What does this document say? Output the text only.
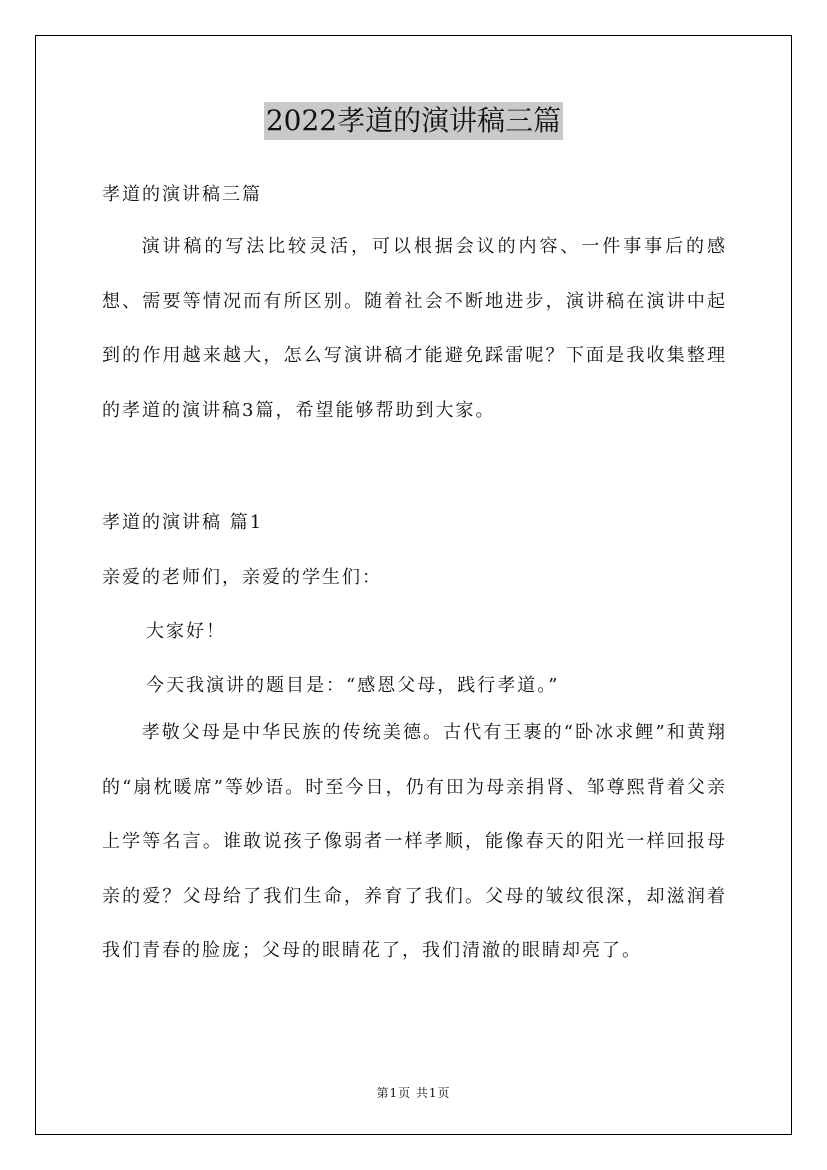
2022孝道的演讲稿三篇
孝道的演讲稿三篇
演讲稿的写法比较灵活，可以根据会议的内容、一件事事后的感想、需要等情况而有所区别。随着社会不断地进步，演讲稿在演讲中起到的作用越来越大，怎么写演讲稿才能避免踩雷呢？下面是我收集整理的孝道的演讲稿3篇，希望能够帮助到大家。
孝道的演讲稿 篇1
亲爱的老师们，亲爱的学生们：
大家好！
今天我演讲的题目是：“感恩父母，践行孝道。”
孝敬父母是中华民族的传统美德。古代有王裹的“卧冰求鲤”和黄翔的“扇枕暖席”等妙语。时至今日，仍有田为母亲捐肾、邹尊熙背着父亲上学等名言。谁敢说孩子像弱者一样孝顺，能像春天的阳光一样回报母亲的爱？父母给了我们生命，养育了我们。父母的皱纹很深，却滋润着我们青春的脸庞；父母的眼睛花了，我们清澈的眼睛却亮了。
第1页 共1页
